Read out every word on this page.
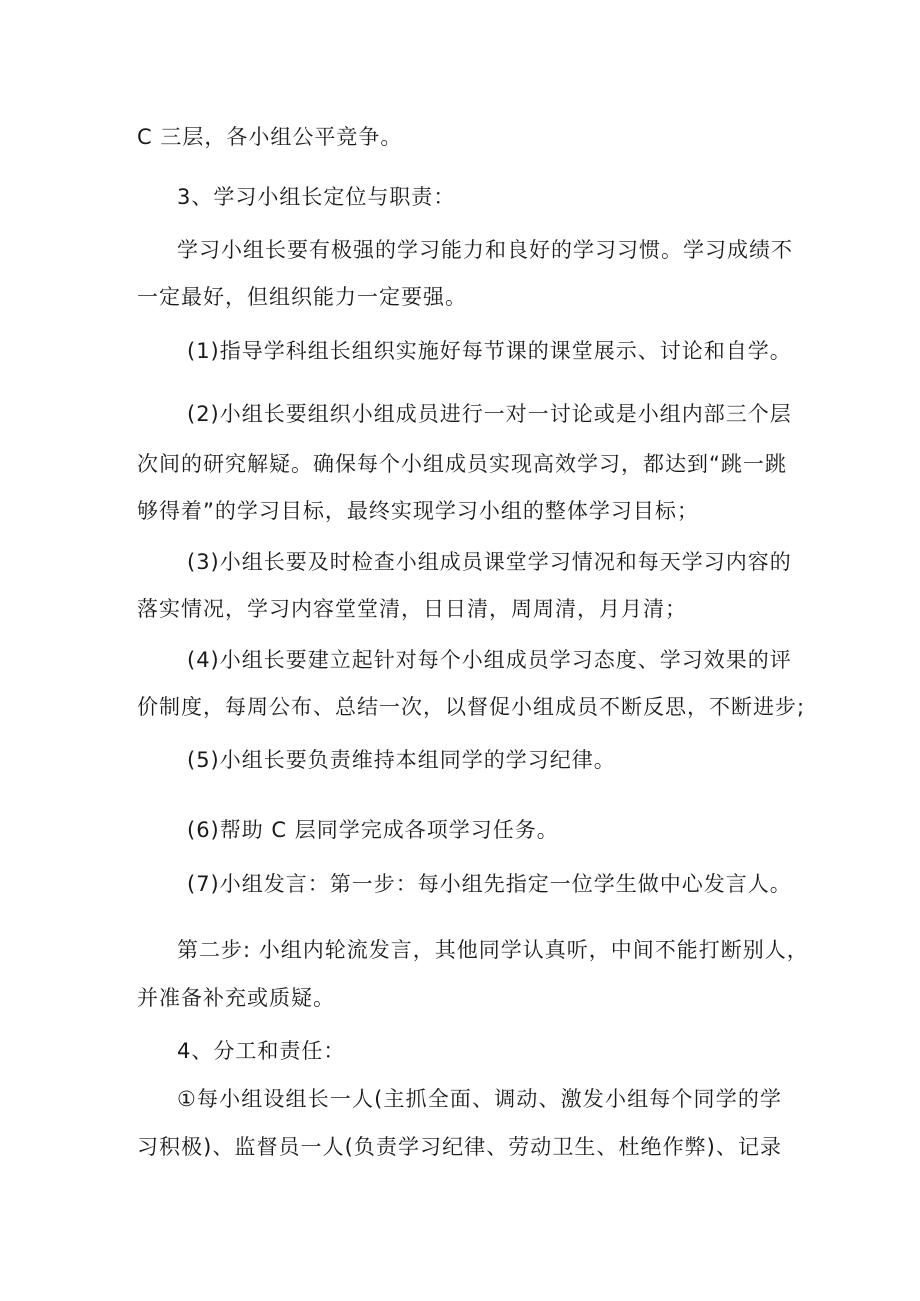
C 三层，各小组公平竞争。
3、学习小组长定位与职责：
学习小组长要有极强的学习能力和良好的学习习惯。学习成绩不
一定最好，但组织能力一定要强。
(1)指导学科组长组织实施好每节课的课堂展示、讨论和自学。
(2)小组长要组织小组成员进行一对一讨论或是小组内部三个层
次间的研究解疑。确保每个小组成员实现高效学习，都达到“跳一跳
够得着”的学习目标，最终实现学习小组的整体学习目标；
(3)小组长要及时检查小组成员课堂学习情况和每天学习内容的
落实情况，学习内容堂堂清，日日清，周周清，月月清；
(4)小组长要建立起针对每个小组成员学习态度、学习效果的评
价制度，每周公布、总结一次，以督促小组成员不断反思，不断进步;
(5)小组长要负责维持本组同学的学习纪律。
(6)帮助 C 层同学完成各项学习任务。
(7)小组发言：第一步：每小组先指定一位学生做中心发言人。
第二步: 小组内轮流发言，其他同学认真听，中间不能打断别人，
并准备补充或质疑。
4、分工和责任：
①每小组设组长一人(主抓全面、调动、激发小组每个同学的学
习积极)、监督员一人(负责学习纪律、劳动卫生、杜绝作弊)、记录
